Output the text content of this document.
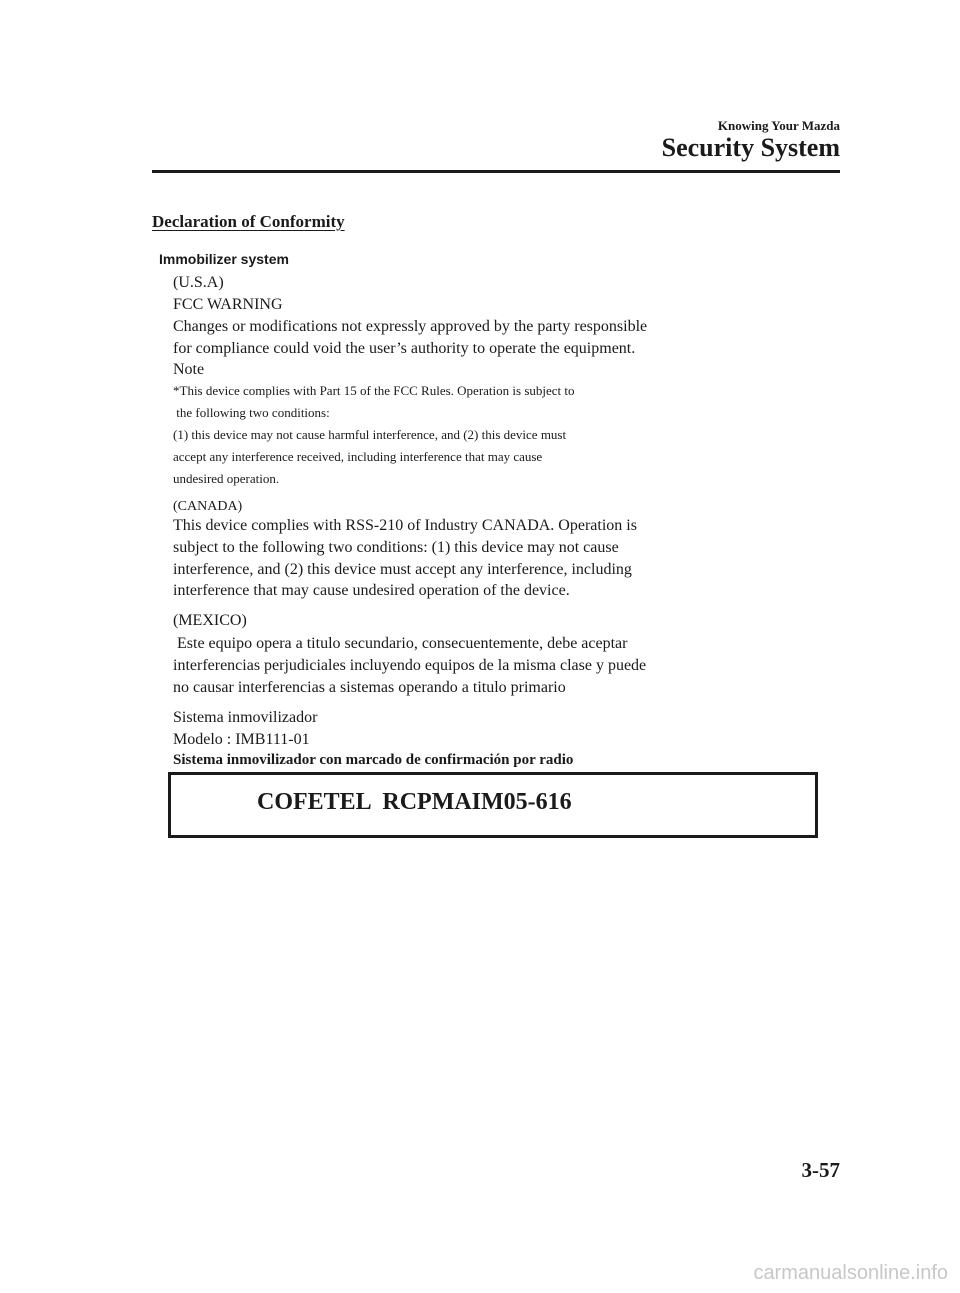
Knowing Your Mazda
Security System
Declaration of Conformity
Immobilizer system
(U.S.A)
FCC WARNING
Changes or modifications not expressly approved by the party responsible
for compliance could void the user’s authority to operate the equipment.
Note
*This device complies with Part 15 of the FCC Rules. Operation is subject to
the following two conditions:
(1) this device may not cause harmful interference, and (2) this device must
accept any interference received, including interference that may cause
undesired operation.
(CANADA)
This device complies with RSS-210 of Industry CANADA. Operation is
subject to the following two conditions: (1) this device may not cause
interference, and (2) this device must accept any interference, including
interference that may cause undesired operation of the device.
(MEXICO)
Este equipo opera a titulo secundario, consecuentemente, debe aceptar
interferencias perjudiciales incluyendo equipos de la misma clase y puede
no causar interferencias a sistemas operando a titulo primario
Sistema inmovilizador
Modelo : IMB111-01
Sistema inmovilizador con marcado de confirmación por radio
COFETEL  RCPMAIM05-616
3-57
carmanualsonline.info
